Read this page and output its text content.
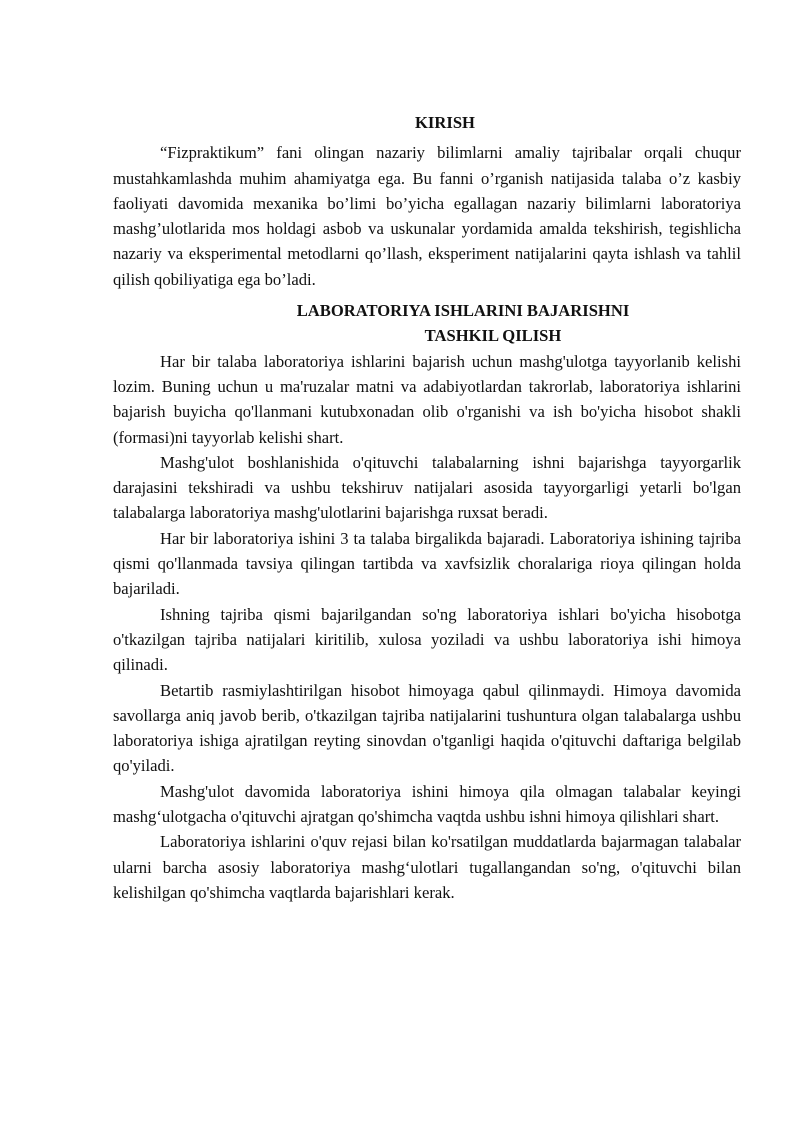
KIRISH

“Fizpraktikum” fani olingan nazariy bilimlarni amaliy tajribalar orqali chuqur mustahkamlashda muhim ahamiyatga ega. Bu fanni o’rganish natijasida talaba o’z kasbiy faoliyati davomida mexanika bo’limi bo’yicha egallagan nazariy bilimlarni laboratoriya mashg’ulotlarida mos holdagi asbob va uskunalar yordamida amalda tekshirish, tegishlicha nazariy va eksperimental metodlarni qo’llash, eksperiment natijalarini qayta ishlash va tahlil qilish qobiliyatiga ega bo’ladi.

LABORATORIYA ISHLARINI BAJARISHNI
TASHKIL QILISH

Har bir talaba laboratoriya ishlarini bajarish uchun mashg'ulotga tayyorlanib kelishi lozim. Buning uchun u ma'ruzalar matni va adabiyotlardan takrorlab, laboratoriya ishlarini bajarish buyicha qo'llanmani kutubxonadan olib o'rganishi va ish bo'yicha hisobot shakli (formasi)ni tayyorlab kelishi shart.

Mashg'ulot boshlanishida o'qituvchi talabalarning ishni bajarishga tayyorgarlik darajasini tekshiradi va ushbu tekshiruv natijalari asosida tayyorgarligi yetarli bo'lgan talabalarga laboratoriya mashg'ulotlarini bajarishga ruxsat beradi.

Har bir laboratoriya ishini 3 ta talaba birgalikda bajaradi. Laboratoriya ishining tajriba qismi qo'llanmada tavsiya qilingan tartibda va xavfsizlik choralariga rioya qilingan holda bajariladi.

Ishning tajriba qismi bajarilgandan so'ng laboratoriya ishlari bo'yicha hisobotga o'tkazilgan tajriba natijalari kiritilib, xulosa yoziladi va ushbu laboratoriya ishi himoya qilinadi.

Betartib rasmiylashtirilgan hisobot himoyaga qabul qilinmaydi. Himoya davomida savollarga aniq javob berib, o'tkazilgan tajriba natijalarini tushuntura olgan talabalarga ushbu laboratoriya ishiga ajratilgan reyting sinovdan o'tganligi haqida o'qituvchi daftariga belgilab qo'yiladi.

Mashg'ulot davomida laboratoriya ishini himoya qila olmagan talabalar keyingi mashg‘ulotgacha o'qituvchi ajratgan qo'shimcha vaqtda ushbu ishni himoya qilishlari shart.

Laboratoriya ishlarini o'quv rejasi bilan ko'rsatilgan muddatlarda bajarmagan talabalar ularni barcha asosiy laboratoriya mashg‘ulotlari tugallangandan so'ng, o'qituvchi bilan kelishilgan qo'shimcha vaqtlarda bajarishlari kerak.
